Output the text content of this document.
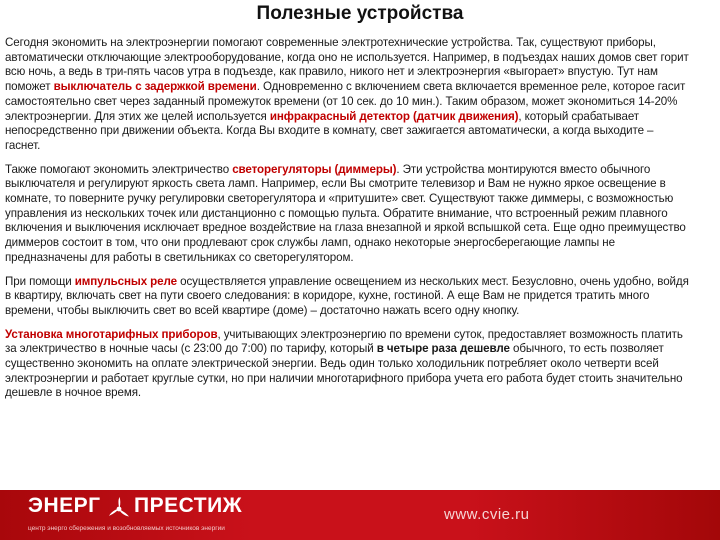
Полезные устройства

Сегодня экономить на электроэнергии помогают современные электротехнические устройства. Так, существуют приборы, автоматически отключающие электрооборудование, когда оно не используется. Например, в подъездах наших домов свет горит всю ночь, а ведь в три-пять часов утра в подъезде, как правило, никого нет и электроэнергия «выгорает» впустую. Тут нам поможет выключатель с задержкой времени. Одновременно с включением света включается временное реле, которое гасит самостоятельно свет через заданный промежуток времени (от 10 сек. до 10 мин.). Таким образом, может экономиться 14-20% электроэнергии. Для этих же целей используется инфракрасный детектор (датчик движения), который срабатывает непосредственно при движении объекта. Когда Вы входите в комнату, свет зажигается автоматически, а когда выходите – гаснет.

Также помогают экономить электричество светорегуляторы (диммеры). Эти устройства монтируются вместо обычного выключателя и регулируют яркость света ламп. Например, если Вы смотрите телевизор и Вам не нужно яркое освещение в комнате, то поверните ручку регулировки светорегулятора и «притушите» свет. Существуют также диммеры, с возможностью управления из нескольких точек или дистанционно с помощью пульта. Обратите внимание, что встроенный режим плавного включения и выключения исключает вредное воздействие на глаза внезапной и яркой вспышкой сета. Еще одно преимущество диммеров состоит в том, что они продлевают срок службы ламп, однако некоторые энергосберегающие лампы не предназначены для работы в светильниках со светорегулятором.

При помощи импульсных реле осуществляется управление освещением из нескольких мест. Безусловно, очень удобно, войдя в квартиру, включать свет на пути своего следования: в коридоре, кухне, гостиной. А еще Вам не придется тратить много времени, чтобы выключить свет во всей квартире (доме) – достаточно нажать всего одну кнопку.

Установка многотарифных приборов, учитывающих электроэнергию по времени суток, предоставляет возможность платить за электричество в ночные часы (с 23:00 до 7:00) по тарифу, который в четыре раза дешевле обычного, то есть позволяет существенно экономить на оплате электрической энергии. Ведь один только холодильник потребляет около четверти всей электроэнергии и работает круглые сутки, но при наличии многотарифного прибора учета его работа будет стоить значительно дешевле в ночное время.

ЭНЕРГ ПРЕСТИЖ
центр энерго сбережения и возобновляемых источников энергии
www.cvie.ru
